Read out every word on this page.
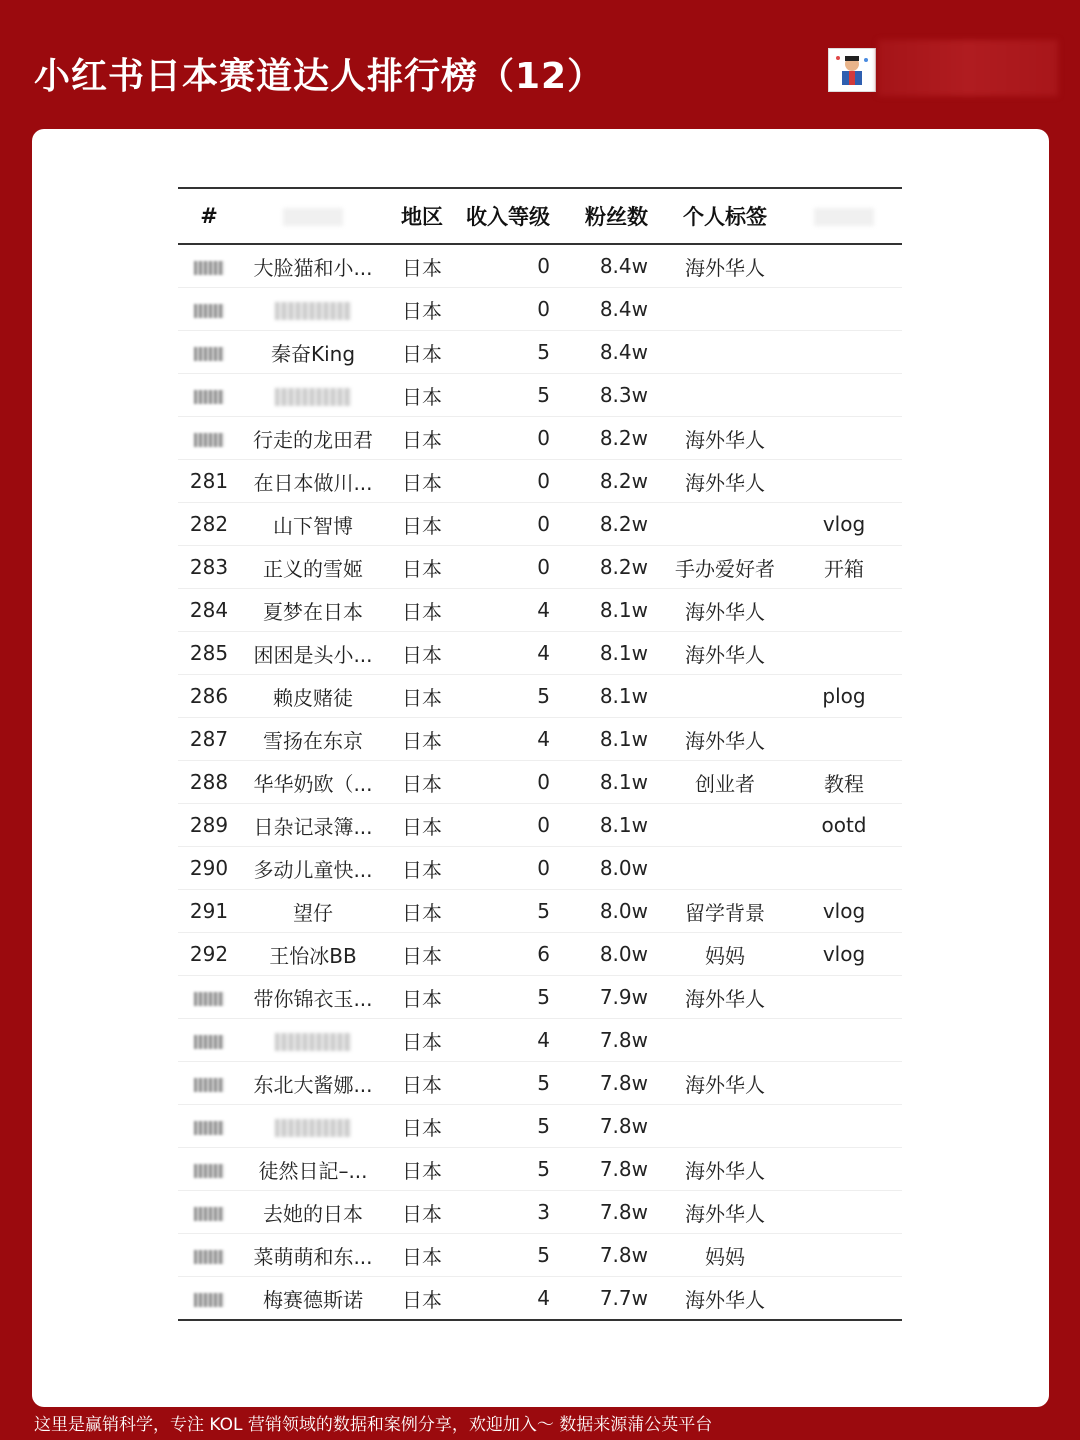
小红书日本赛道达人排行榜（12）
#		地区	收入等级	粉丝数	个人标签	
	大脸猫和小...	日本	0	8.4w	海外华人	
		日本	0	8.4w		
	秦奋King	日本	5	8.4w		
		日本	5	8.3w		
	行走的龙田君	日本	0	8.2w	海外华人	
281	在日本做川...	日本	0	8.2w	海外华人	
282	山下智博	日本	0	8.2w		vlog
283	正义的雪姬	日本	0	8.2w	手办爱好者	开箱
284	夏梦在日本	日本	4	8.1w	海外华人	
285	困困是头小...	日本	4	8.1w	海外华人	
286	赖皮赌徒	日本	5	8.1w		plog
287	雪扬在东京	日本	4	8.1w	海外华人	
288	华华奶欧（...	日本	0	8.1w	创业者	教程
289	日杂记录簿...	日本	0	8.1w		ootd
290	多动儿童快...	日本	0	8.0w		
291	望仔	日本	5	8.0w	留学背景	vlog
292	王怡冰BB	日本	6	8.0w	妈妈	vlog
	带你锦衣玉...	日本	5	7.9w	海外华人	
		日本	4	7.8w		
	东北大酱娜...	日本	5	7.8w	海外华人	
		日本	5	7.8w		
	徒然日記–...	日本	5	7.8w	海外华人	
	去她的日本	日本	3	7.8w	海外华人	
	菜萌萌和东...	日本	5	7.8w	妈妈	
	梅赛德斯诺	日本	4	7.7w	海外华人	
这里是赢销科学，专注 KOL 营销领域的数据和案例分享，欢迎加入～ 数据来源蒲公英平台
